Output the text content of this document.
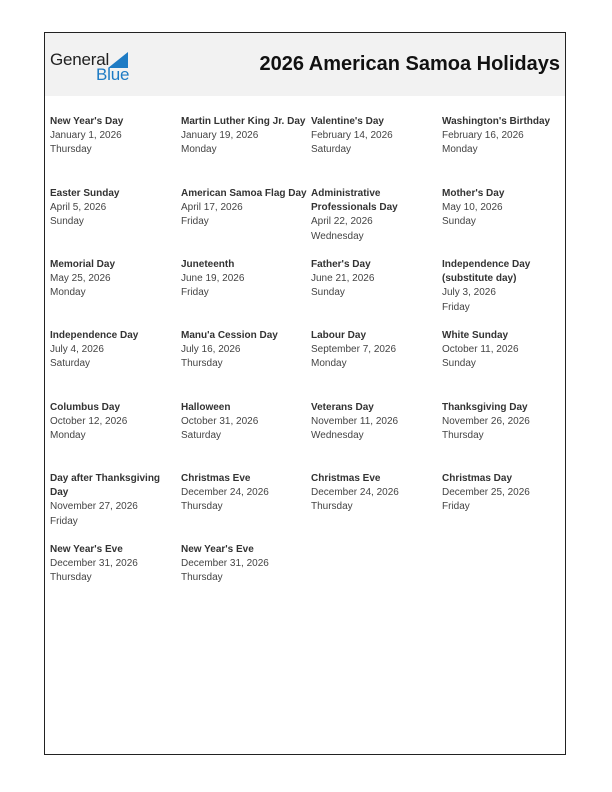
General
Blue	2026 American Samoa Holidays
New Year's Day
January 1, 2026
Thursday
Martin Luther King Jr. Day
January 19, 2026
Monday
Valentine's Day
February 14, 2026
Saturday
Washington's Birthday
February 16, 2026
Monday
Easter Sunday
April 5, 2026
Sunday
American Samoa Flag Day
April 17, 2026
Friday
Administrative Professionals Day
April 22, 2026
Wednesday
Mother's Day
May 10, 2026
Sunday
Memorial Day
May 25, 2026
Monday
Juneteenth
June 19, 2026
Friday
Father's Day
June 21, 2026
Sunday
Independence Day (substitute day)
July 3, 2026
Friday
Independence Day
July 4, 2026
Saturday
Manu'a Cession Day
July 16, 2026
Thursday
Labour Day
September 7, 2026
Monday
White Sunday
October 11, 2026
Sunday
Columbus Day
October 12, 2026
Monday
Halloween
October 31, 2026
Saturday
Veterans Day
November 11, 2026
Wednesday
Thanksgiving Day
November 26, 2026
Thursday
Day after Thanksgiving Day
November 27, 2026
Friday
Christmas Eve
December 24, 2026
Thursday
Christmas Eve
December 24, 2026
Thursday
Christmas Day
December 25, 2026
Friday
New Year's Eve
December 31, 2026
Thursday
New Year's Eve
December 31, 2026
Thursday
